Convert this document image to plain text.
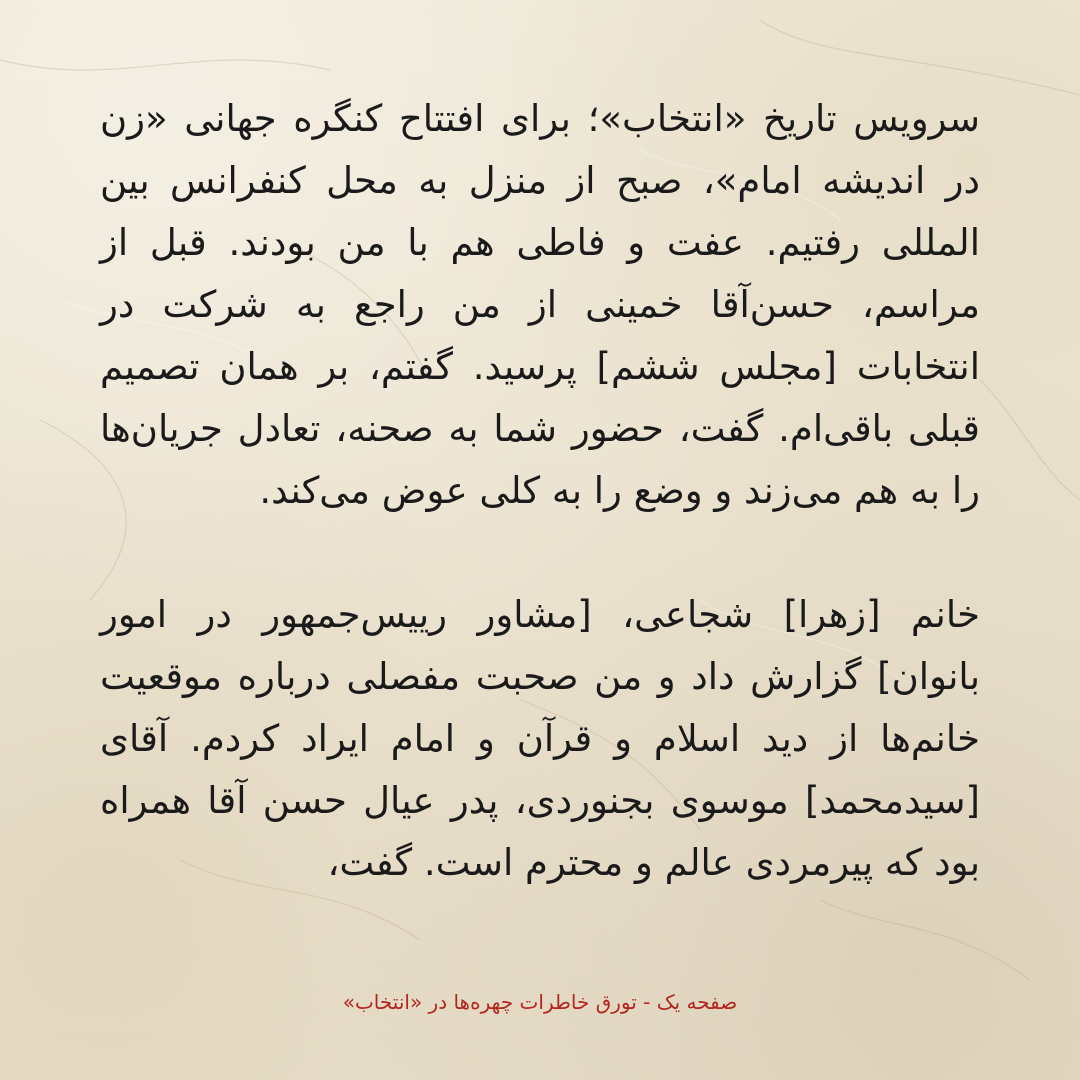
سرویس تاریخ «انتخاب»؛ برای افتتاح کنگره جهانی «زن در اندیشه امام»، صبح از منزل به محل کنفرانس بین المللی رفتیم. عفت و فاطی هم با من بودند. قبل از مراسم، حسن‌آقا خمینی از من راجع به شرکت در انتخابات [مجلس ششم] پرسید. گفتم، بر همان تصمیم قبلی باقی‌ام. گفت، حضور شما به صحنه، تعادل جریان‌ها را به هم می‌زند و وضع را به کلی عوض می‌کند.

خانم [زهرا] شجاعی، [مشاور رییس‌جمهور در امور بانوان] گزارش داد و من صحبت مفصلی درباره موقعیت خانم‌ها از دید اسلام و قرآن و امام ایراد کردم. آقای [سیدمحمد] موسوی بجنوردی، پدر عیال حسن آقا همراه بود که پیرمردی عالم و محترم است. گفت،

صفحه یک - تورق خاطرات چهره‌ها در «انتخاب»
